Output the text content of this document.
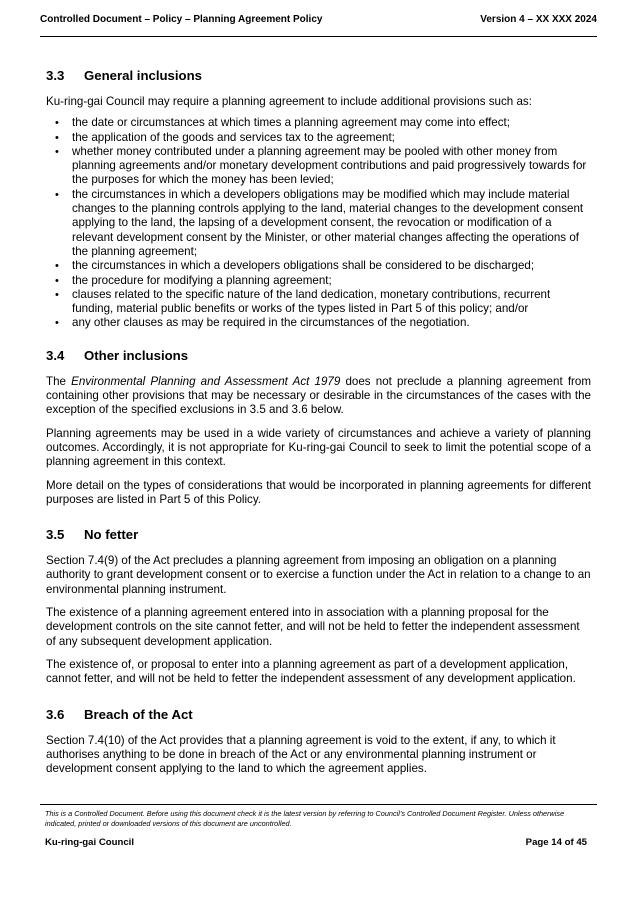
Controlled Document – Policy – Planning Agreement Policy	Version 4 – XX XXX 2024
3.3	General inclusions

Ku-ring-gai Council may require a planning agreement to include additional provisions such as:

• the date or circumstances at which times a planning agreement may come into effect;
• the application of the goods and services tax to the agreement;
• whether money contributed under a planning agreement may be pooled with other money from planning agreements and/or monetary development contributions and paid progressively towards for the purposes for which the money has been levied;
• the circumstances in which a developers obligations may be modified which may include material changes to the planning controls applying to the land, material changes to the development consent applying to the land, the lapsing of a development consent, the revocation or modification of a relevant development consent by the Minister, or other material changes affecting the operations of the planning agreement;
• the circumstances in which a developers obligations shall be considered to be discharged;
• the procedure for modifying a planning agreement;
• clauses related to the specific nature of the land dedication, monetary contributions, recurrent funding, material public benefits or works of the types listed in Part 5 of this policy; and/or
• any other clauses as may be required in the circumstances of the negotiation.
3.4	Other inclusions

The Environmental Planning and Assessment Act 1979 does not preclude a planning agreement from containing other provisions that may be necessary or desirable in the circumstances of the cases with the exception of the specified exclusions in 3.5 and 3.6 below.

Planning agreements may be used in a wide variety of circumstances and achieve a variety of planning outcomes. Accordingly, it is not appropriate for Ku-ring-gai Council to seek to limit the potential scope of a planning agreement in this context.

More detail on the types of considerations that would be incorporated in planning agreements for different purposes are listed in Part 5 of this Policy.

3.5	No fetter

Section 7.4(9) of the Act precludes a planning agreement from imposing an obligation on a planning authority to grant development consent or to exercise a function under the Act in relation to a change to an environmental planning instrument.

The existence of a planning agreement entered into in association with a planning proposal for the development controls on the site cannot fetter, and will not be held to fetter the independent assessment of any subsequent development application.

The existence of, or proposal to enter into a planning agreement as part of a development application, cannot fetter, and will not be held to fetter the independent assessment of any development application.

3.6	Breach of the Act

Section 7.4(10) of the Act provides that a planning agreement is void to the extent, if any, to which it authorises anything to be done in breach of the Act or any environmental planning instrument or development consent applying to the land to which the agreement applies.

This is a Controlled Document. Before using this document check it is the latest version by referring to Council’s Controlled Document Register. Unless otherwise indicated, printed or downloaded versions of this document are uncontrolled.
Ku-ring-gai Council	Page 14 of 45
